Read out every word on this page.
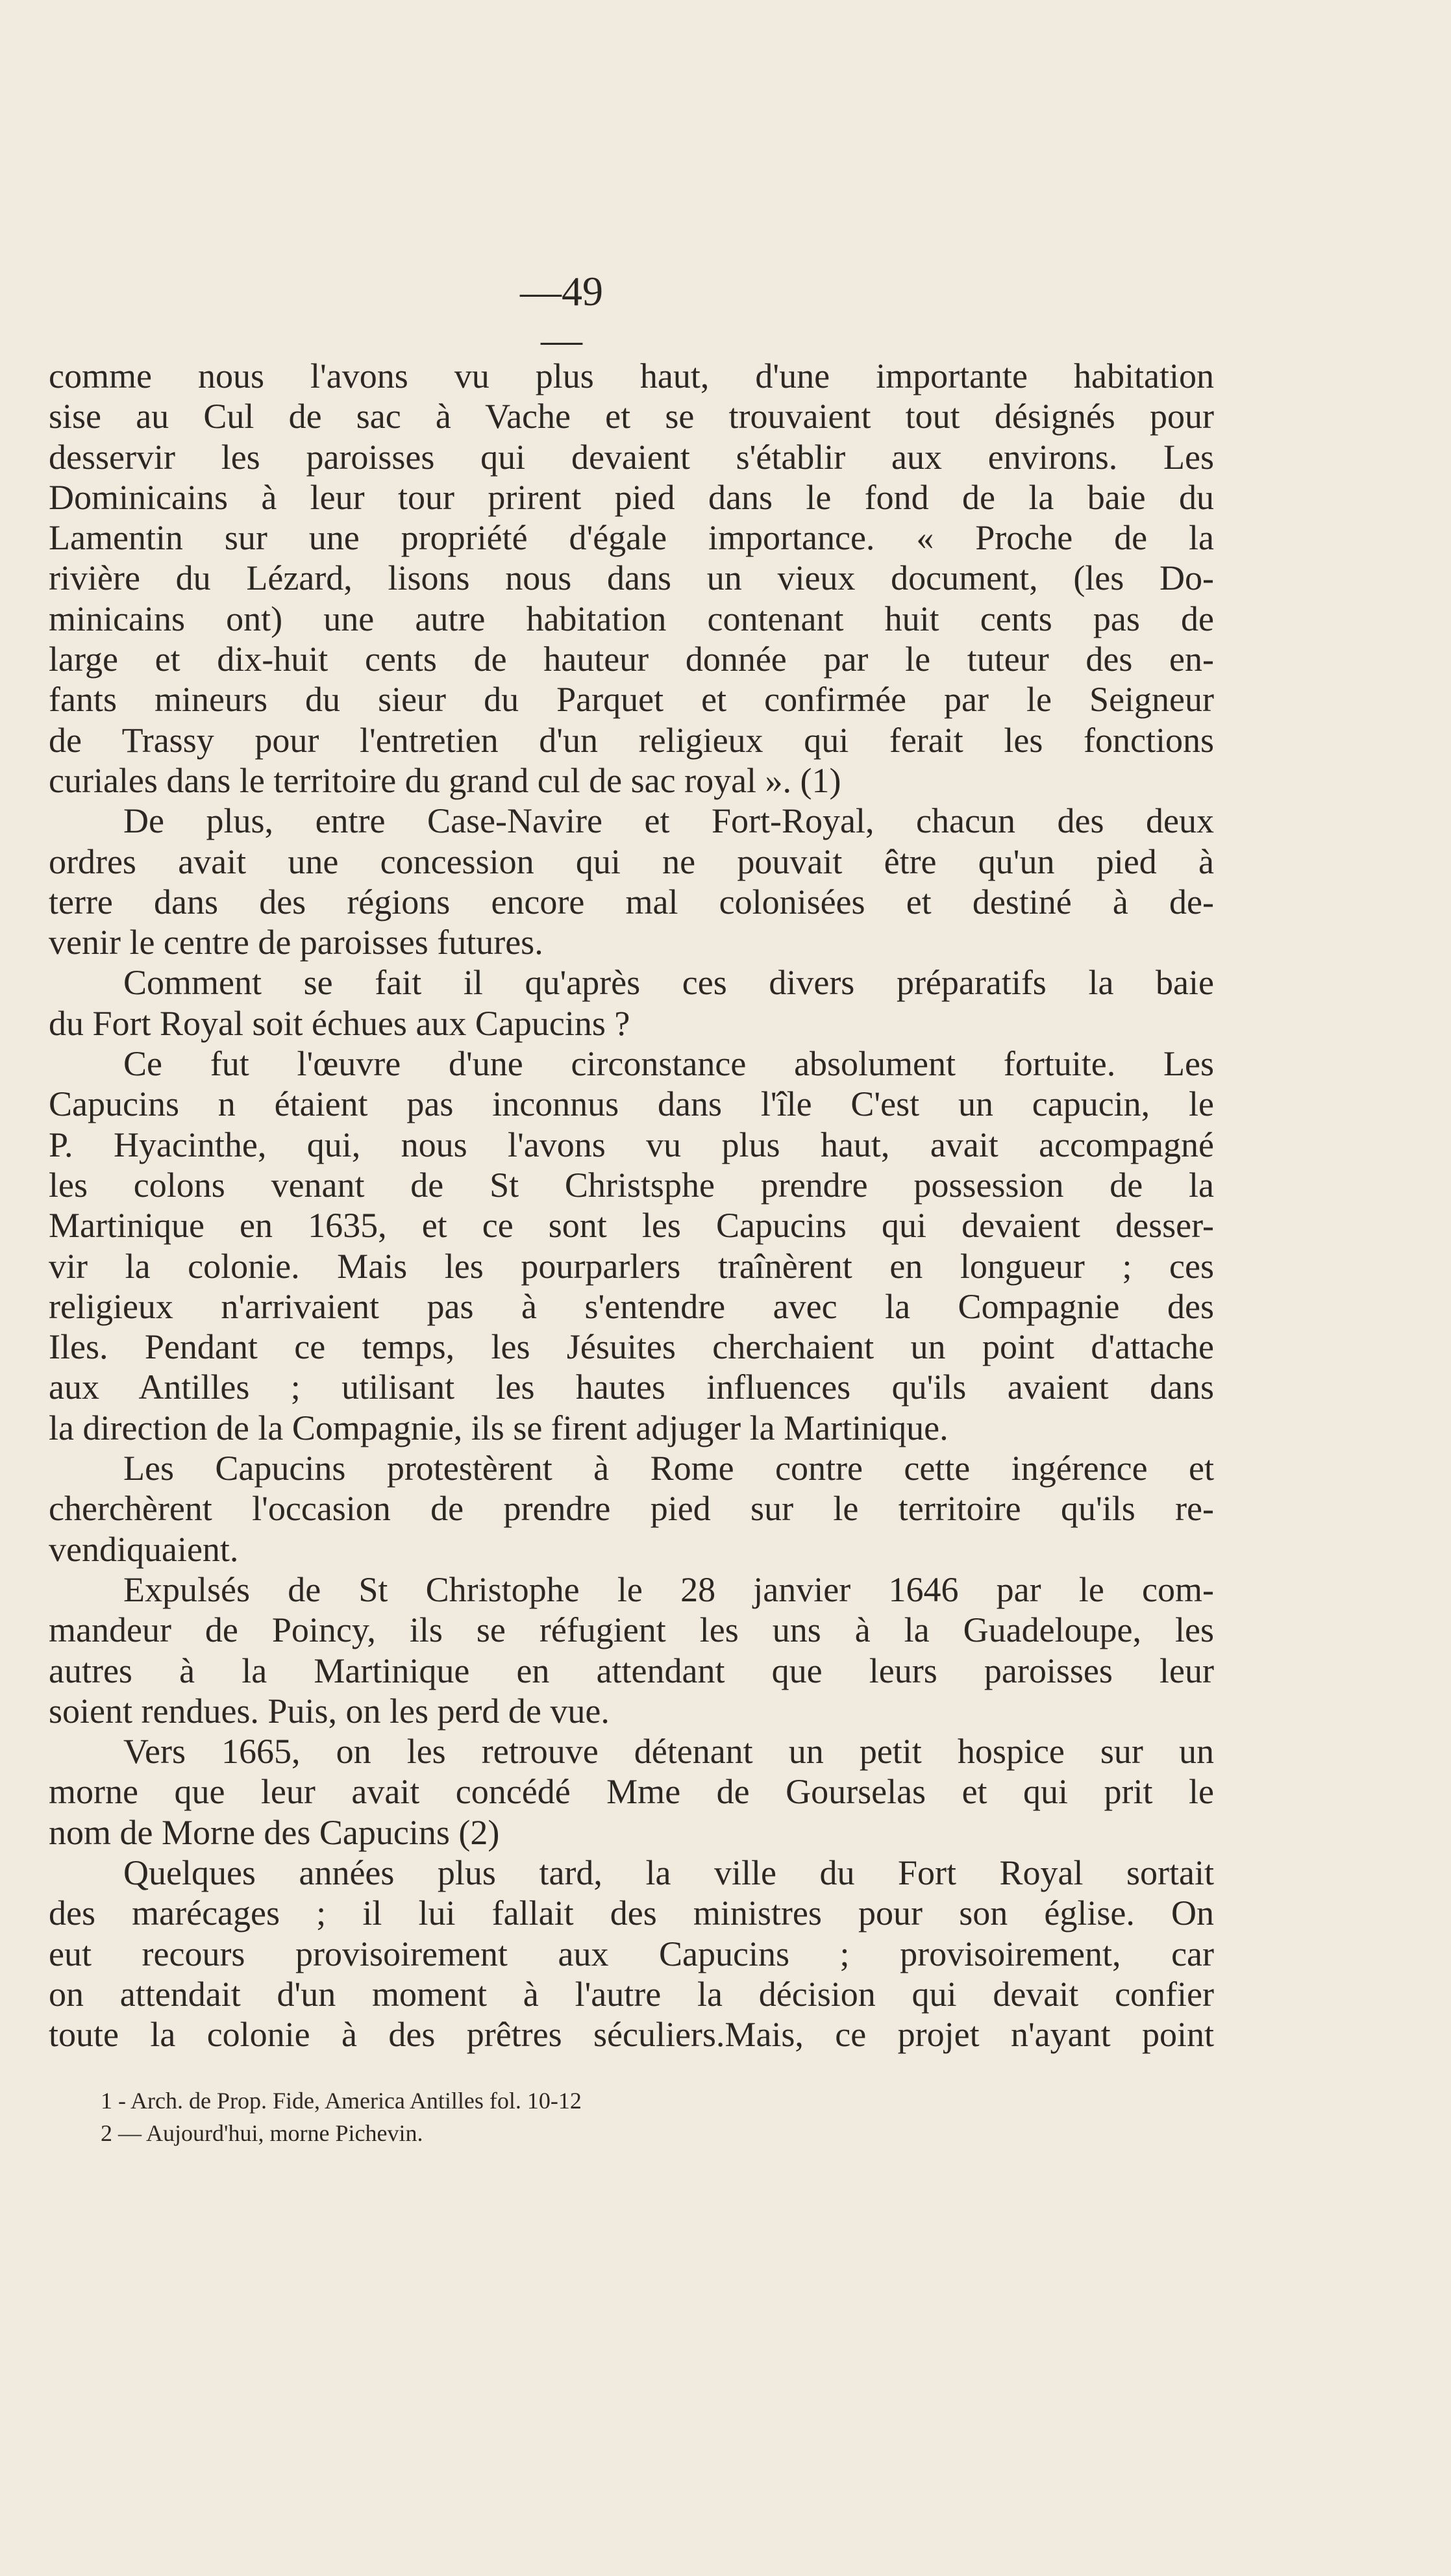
—49—
comme nous l'avons vu plus haut, d'une importante habitation
sise au Cul de sac à Vache et se trouvaient tout désignés pour
desservir les paroisses qui devaient s'établir aux environs. Les
Dominicains à leur tour prirent pied dans le fond de la baie du
Lamentin sur une propriété d'égale importance. « Proche de la
rivière du Lézard, lisons nous dans un vieux document, (les Do-
minicains ont) une autre habitation contenant huit cents pas de
large et dix-huit cents de hauteur donnée par le tuteur des en-
fants mineurs du sieur du Parquet et confirmée par le Seigneur
de Trassy pour l'entretien d'un religieux qui ferait les fonctions
curiales dans le territoire du grand cul de sac royal ». (1)
De plus, entre Case-Navire et Fort-Royal, chacun des deux
ordres avait une concession qui ne pouvait être qu'un pied à
terre dans des régions encore mal colonisées et destiné à de-
venir le centre de paroisses futures.
Comment se fait il qu'après ces divers préparatifs la baie
du Fort Royal soit échues aux Capucins ?
Ce fut l'œuvre d'une circonstance absolument fortuite. Les
Capucins n étaient pas inconnus dans l'île C'est un capucin, le
P. Hyacinthe, qui, nous l'avons vu plus haut, avait accompagné
les colons venant de St Christsphe prendre possession de la
Martinique en 1635, et ce sont les Capucins qui devaient desser-
vir la colonie. Mais les pourparlers traînèrent en longueur ; ces
religieux n'arrivaient pas à s'entendre avec la Compagnie des
Iles. Pendant ce temps, les Jésuites cherchaient un point d'attache
aux Antilles ; utilisant les hautes influences qu'ils avaient dans
la direction de la Compagnie, ils se firent adjuger la Martinique.
Les Capucins protestèrent à Rome contre cette ingérence et
cherchèrent l'occasion de prendre pied sur le territoire qu'ils re-
vendiquaient.
Expulsés de St Christophe le 28 janvier 1646 par le com-
mandeur de Poincy, ils se réfugient les uns à la Guadeloupe, les
autres à la Martinique en attendant que leurs paroisses leur
soient rendues. Puis, on les perd de vue.
Vers 1665, on les retrouve détenant un petit hospice sur un
morne que leur avait concédé Mme de Gourselas et qui prit le
nom de Morne des Capucins (2)
Quelques années plus tard, la ville du Fort Royal sortait
des marécages ; il lui fallait des ministres pour son église. On
eut recours provisoirement aux Capucins ; provisoirement, car
on attendait d'un moment à l'autre la décision qui devait confier
toute la colonie à des prêtres séculiers.Mais, ce projet n'ayant point
1 - Arch. de Prop. Fide, America Antilles fol. 10-12
2 — Aujourd'hui, morne Pichevin.
